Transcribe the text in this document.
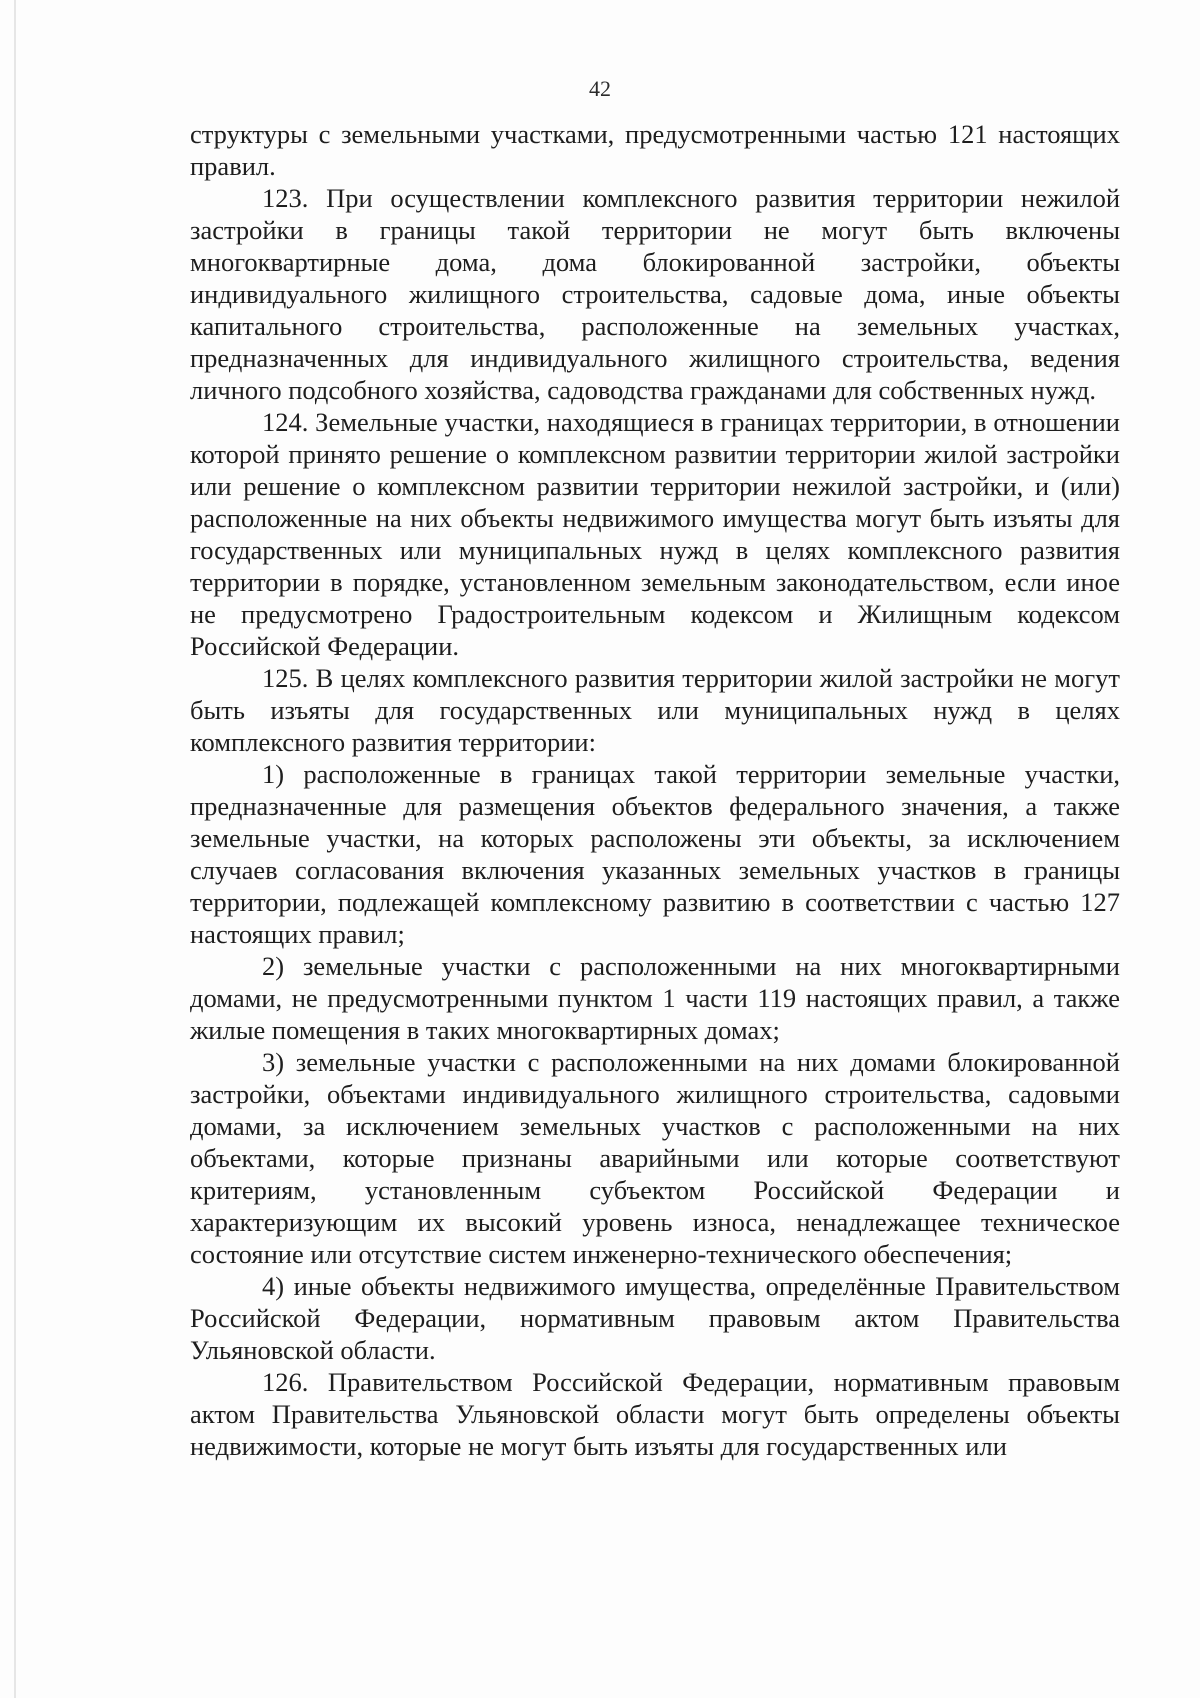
42

структуры с земельными участками, предусмотренными частью 121 настоящих правил.

123. При осуществлении комплексного развития территории нежилой застройки в границы такой территории не могут быть включены многоквартирные дома, дома блокированной застройки, объекты индивидуального жилищного строительства, садовые дома, иные объекты капитального строительства, расположенные на земельных участках, предназначенных для индивидуального жилищного строительства, ведения личного подсобного хозяйства, садоводства гражданами для собственных нужд.

124. Земельные участки, находящиеся в границах территории, в отношении которой принято решение о комплексном развитии территории жилой застройки или решение о комплексном развитии территории нежилой застройки, и (или) расположенные на них объекты недвижимого имущества могут быть изъяты для государственных или муниципальных нужд в целях комплексного развития территории в порядке, установленном земельным законодательством, если иное не предусмотрено Градостроительным кодексом и Жилищным кодексом Российской Федерации.

125. В целях комплексного развития территории жилой застройки не могут быть изъяты для государственных или муниципальных нужд в целях комплексного развития территории:

1) расположенные в границах такой территории земельные участки, предназначенные для размещения объектов федерального значения, а также земельные участки, на которых расположены эти объекты, за исключением случаев согласования включения указанных земельных участков в границы территории, подлежащей комплексному развитию в соответствии с частью 127 настоящих правил;

2) земельные участки с расположенными на них многоквартирными домами, не предусмотренными пунктом 1 части 119 настоящих правил, а также жилые помещения в таких многоквартирных домах;

3) земельные участки с расположенными на них домами блокированной застройки, объектами индивидуального жилищного строительства, садовыми домами, за исключением земельных участков с расположенными на них объектами, которые признаны аварийными или которые соответствуют критериям, установленным субъектом Российской Федерации и характеризующим их высокий уровень износа, ненадлежащее техническое состояние или отсутствие систем инженерно-технического обеспечения;

4) иные объекты недвижимого имущества, определённые Правительством Российской Федерации, нормативным правовым актом Правительства Ульяновской области.

126. Правительством Российской Федерации, нормативным правовым актом Правительства Ульяновской области могут быть определены объекты недвижимости, которые не могут быть изъяты для государственных или
